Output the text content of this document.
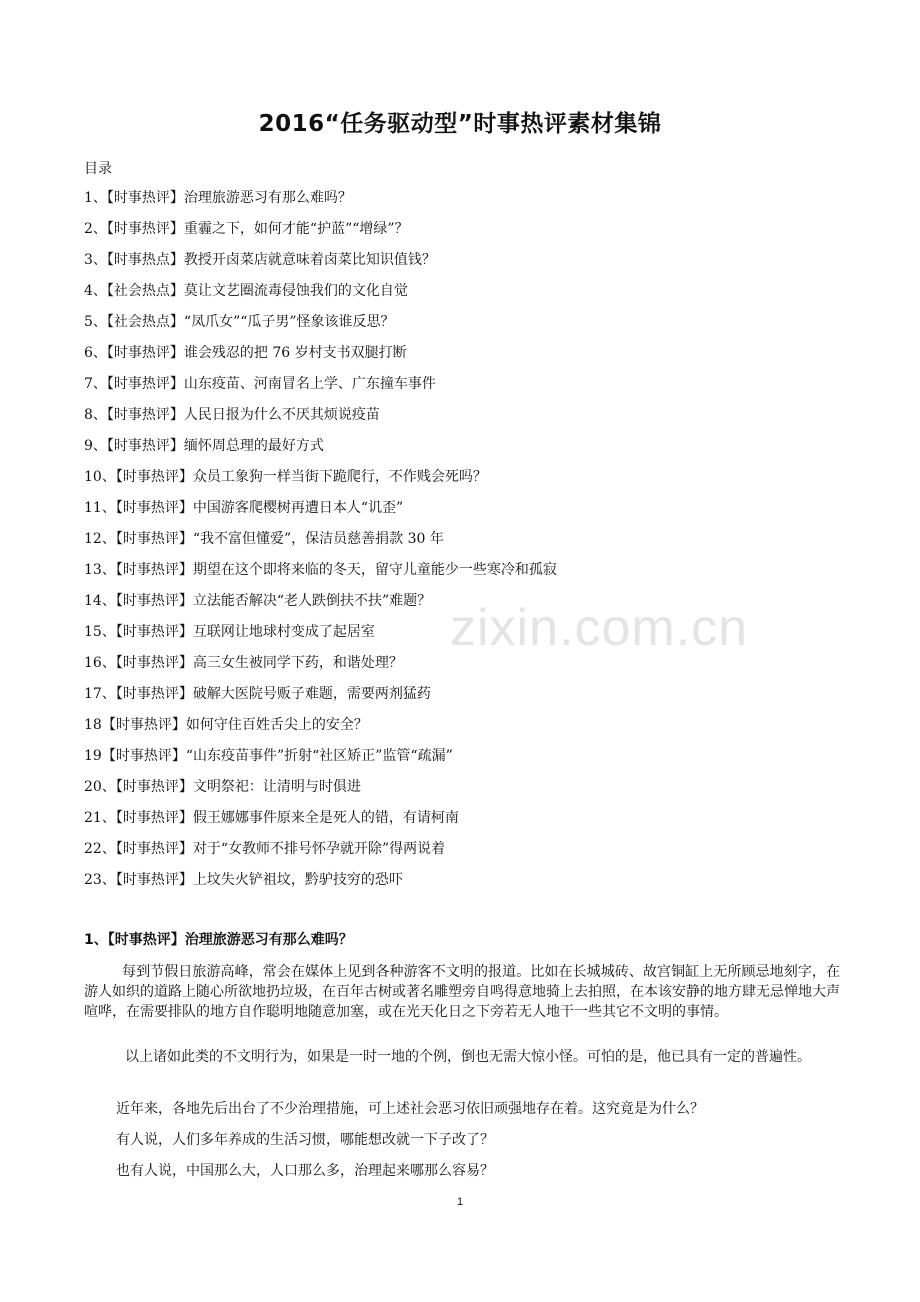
zixin.com.cn
2016“任务驱动型”时事热评素材集锦
目录
1、【时事热评】治理旅游恶习有那么难吗？
2、【时事热评】重霾之下，如何才能“护蓝”“增绿”？
3、【时事热点】教授开卤菜店就意味着卤菜比知识值钱？
4、【社会热点】莫让文艺圈流毒侵蚀我们的文化自觉
5、【社会热点】“凤爪女”“瓜子男”怪象该谁反思？
6、【时事热评】谁会残忍的把 76 岁村支书双腿打断
7、【时事热评】山东疫苗、河南冒名上学、广东撞车事件
8、【时事热评】人民日报为什么不厌其烦说疫苗
9、【时事热评】缅怀周总理的最好方式
10、【时事热评】众员工象狗一样当街下跪爬行，不作贱会死吗？
11、【时事热评】中国游客爬樱树再遭日本人“讥歪”
12、【时事热评】“我不富但懂爱”，保洁员慈善捐款 30 年
13、【时事热评】期望在这个即将来临的冬天，留守儿童能少一些寒冷和孤寂
14、【时事热评】立法能否解决“老人跌倒扶不扶”难题？
15、【时事热评】互联网让地球村变成了起居室
16、【时事热评】高三女生被同学下药，和谐处理？
17、【时事热评】破解大医院号贩子难题，需要两剂猛药
18【时事热评】如何守住百姓舌尖上的安全？
19【时事热评】“山东疫苗事件”折射“社区矫正”监管“疏漏”
20、【时事热评】文明祭祀：让清明与时俱进
21、【时事热评】假王娜娜事件原来全是死人的错，有请柯南
22、【时事热评】对于“女教师不排号怀孕就开除”得两说着
23、【时事热评】上坟失火铲祖坟，黔驴技穷的恐吓
1、【时事热评】治理旅游恶习有那么难吗？

每到节假日旅游高峰，常会在媒体上见到各种游客不文明的报道。比如在长城城砖、故宫铜缸上无所顾忌地刻字，在游人如织的道路上随心所欲地扔垃圾，在百年古树或著名雕塑旁自鸣得意地骑上去拍照，在本该安静的地方肆无忌惮地大声喧哗，在需要排队的地方自作聪明地随意加塞，或在光天化日之下旁若无人地干一些其它不文明的事情。

以上诸如此类的不文明行为，如果是一时一地的个例，倒也无需大惊小怪。可怕的是，他已具有一定的普遍性。

近年来，各地先后出台了不少治理措施，可上述社会恶习依旧顽强地存在着。这究竟是为什么？

有人说，人们多年养成的生活习惯，哪能想改就一下子改了？

也有人说，中国那么大，人口那么多，治理起来哪那么容易？

1
